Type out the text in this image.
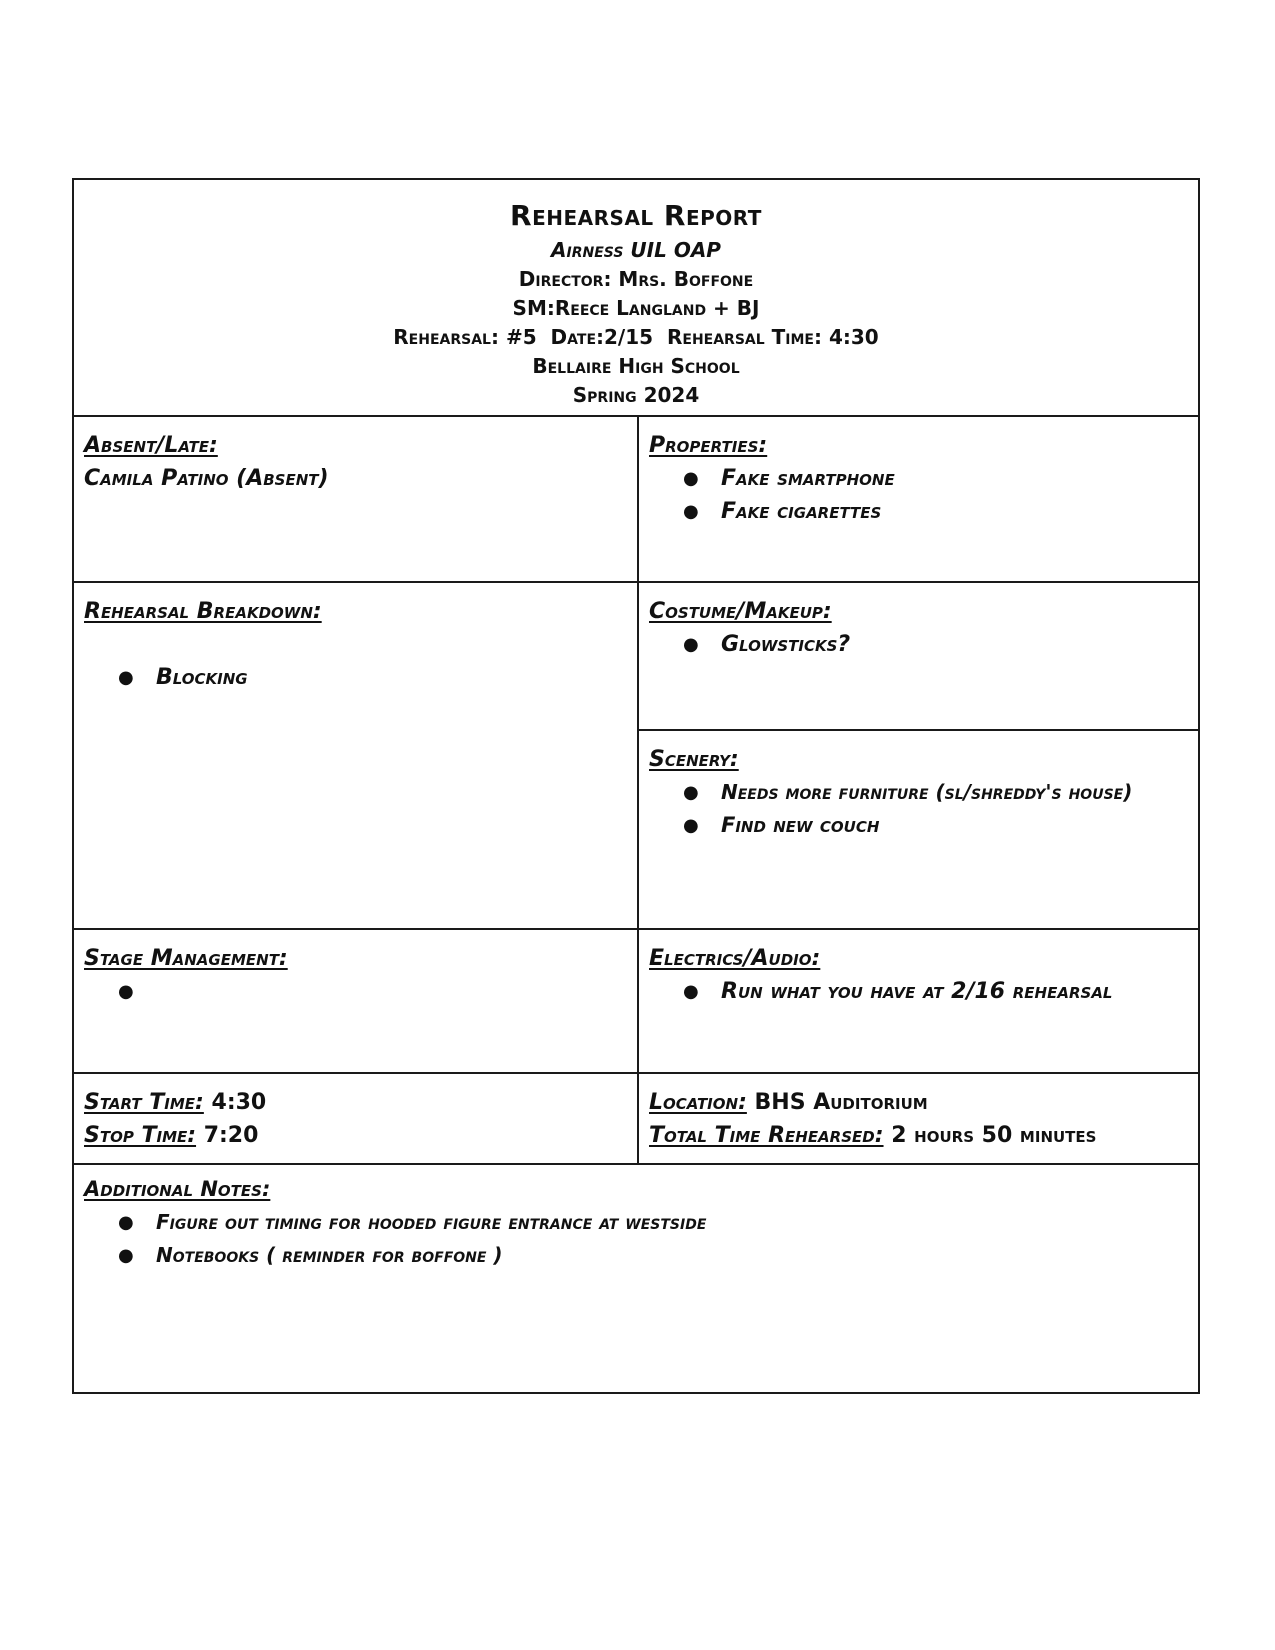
Rehearsal Report
Airness UIL OAP
Director: Mrs. Boffone
SM:Reece Langland + BJ
Rehearsal: #5  Date:2/15  Rehearsal Time: 4:30
Bellaire High School
Spring 2024
Absent/Late:
Camila Patino (Absent)
Properties:
● Fake smartphone
● Fake cigarettes
Rehearsal Breakdown:
● Blocking
Costume/Makeup:
● Glowsticks?
Scenery:
● Needs more furniture (sl/shreddy's house)
● Find new couch
Stage Management:
●	Electrics/Audio:
● Run what you have at 2/16 rehearsal
Start Time: 4:30
Stop Time: 7:20
Location: BHS Auditorium
Total Time Rehearsed: 2 hours 50 minutes
Additional Notes:
● Figure out timing for hooded figure entrance at westside
● Notebooks ( reminder for boffone )
